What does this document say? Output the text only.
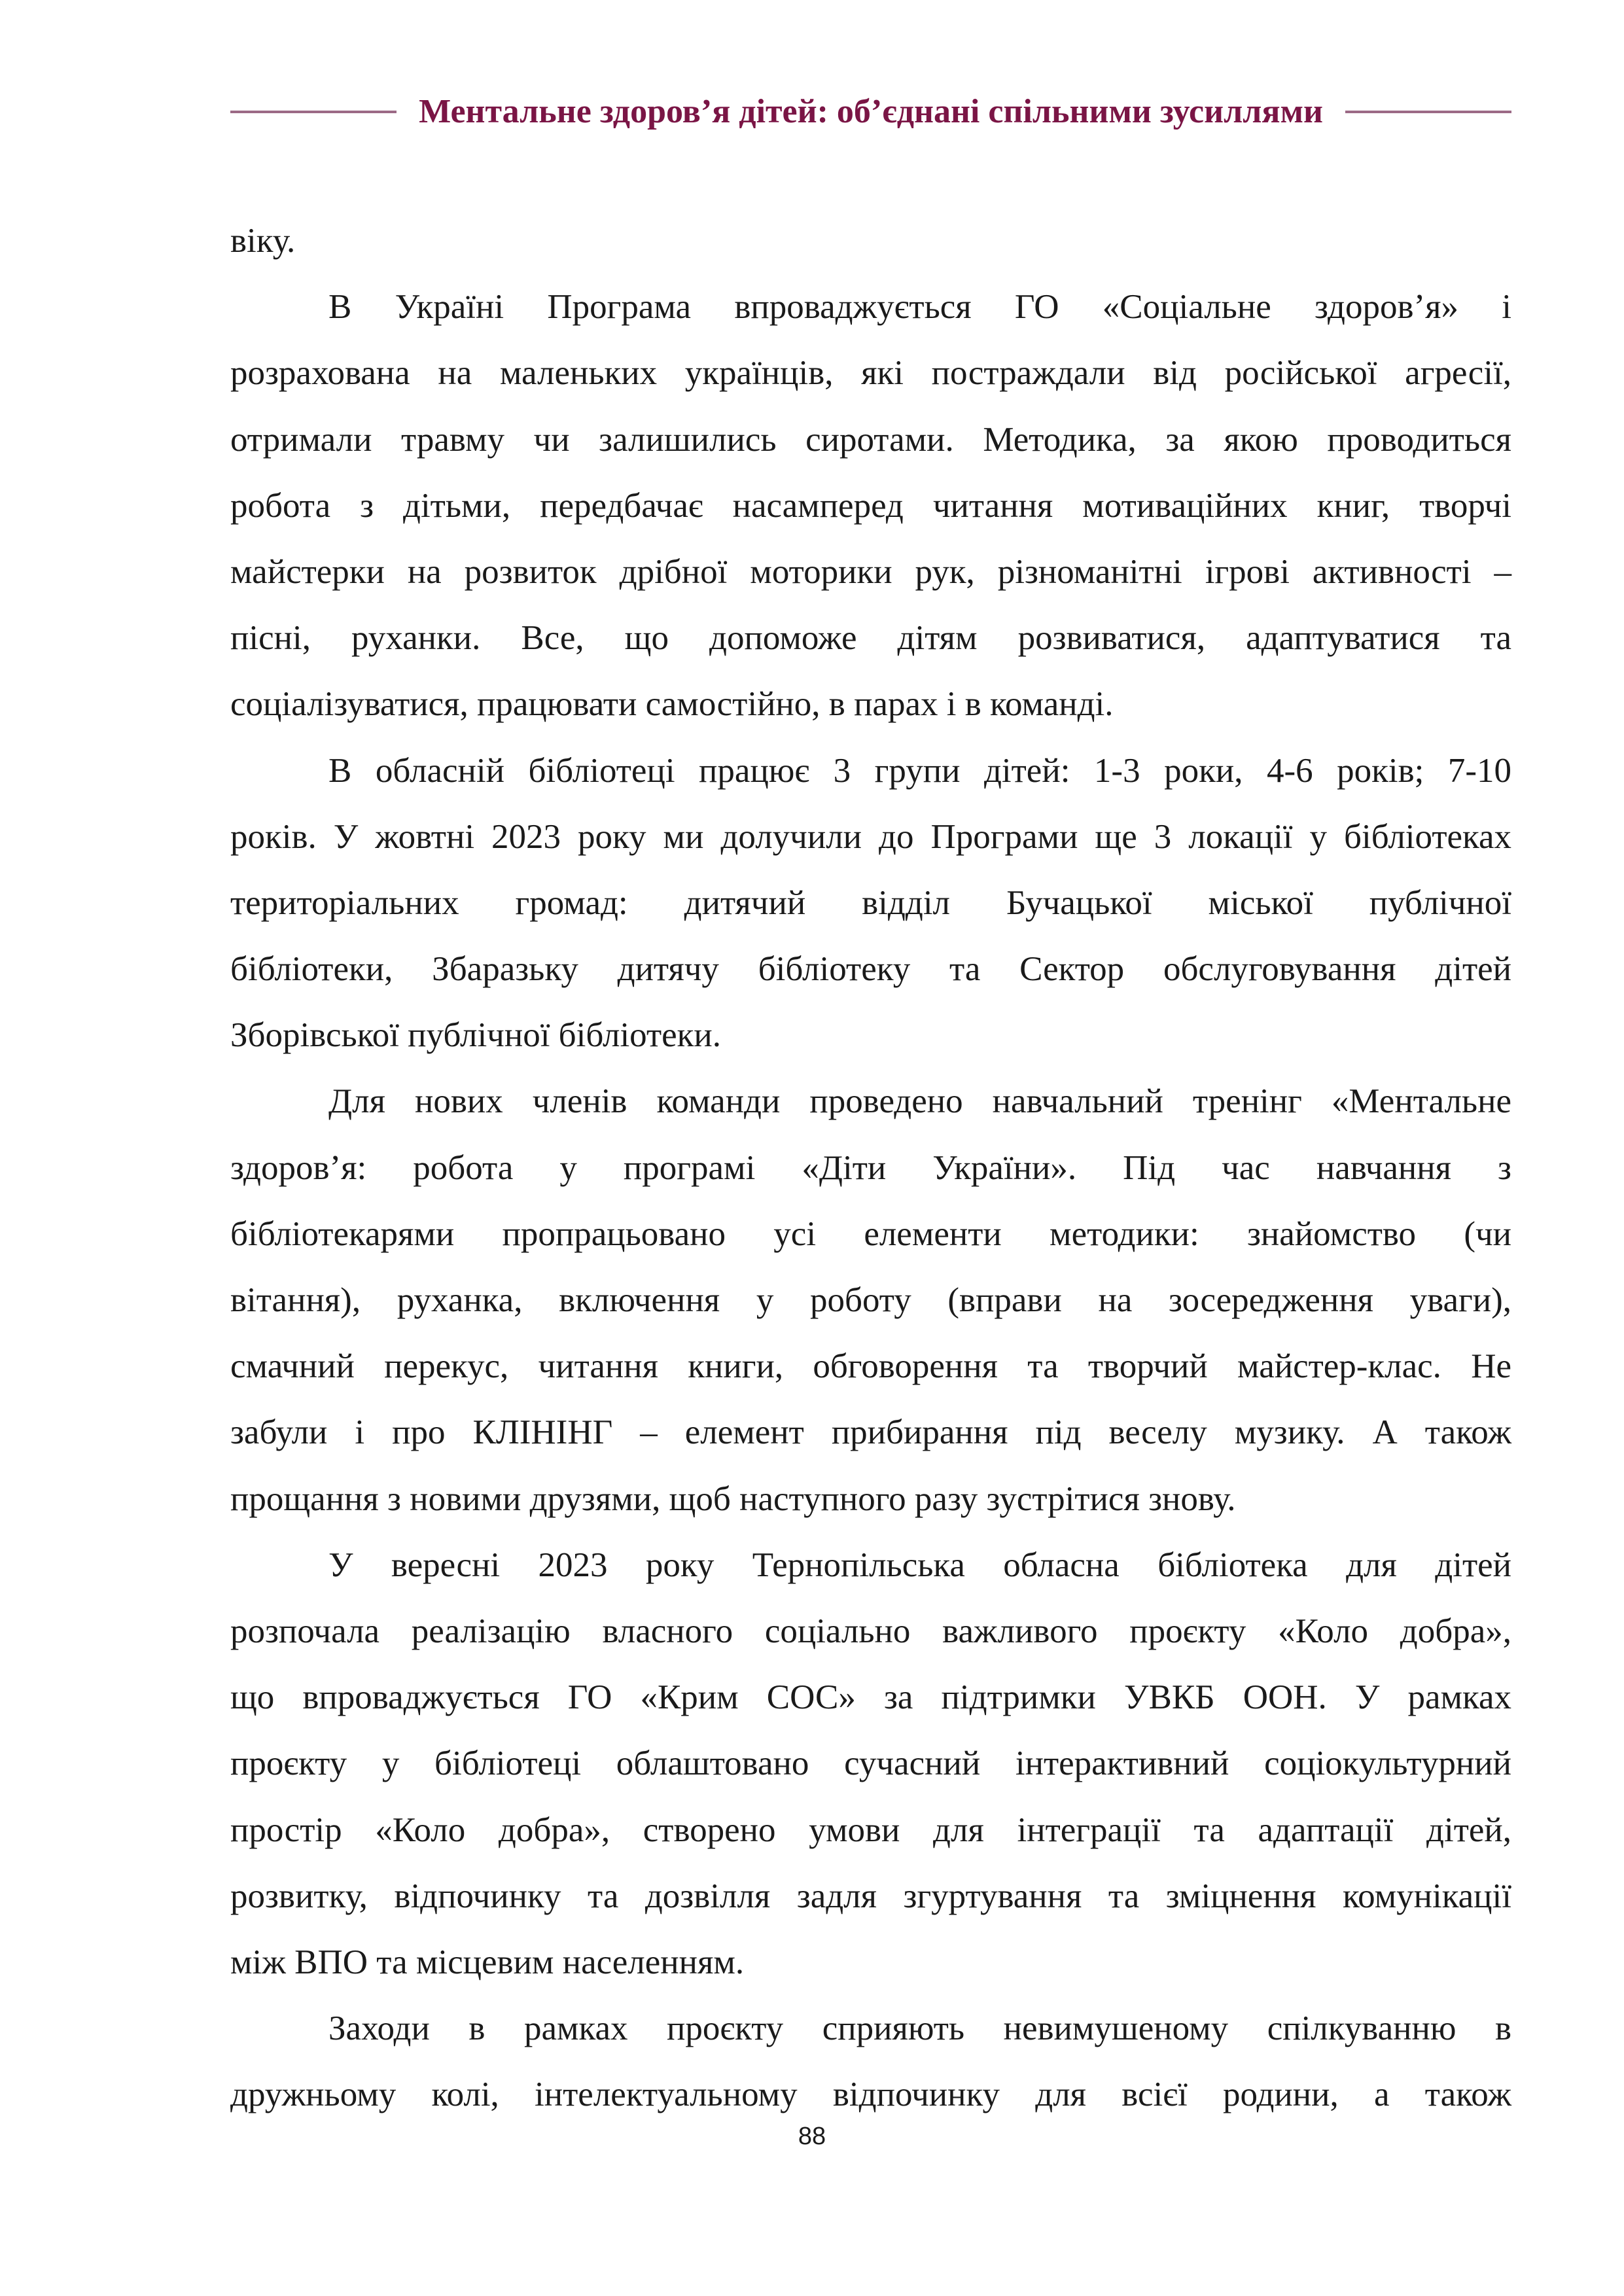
Ментальне здоров’я дітей: об’єднані спільними зусиллями
віку.
В Україні Програма впроваджується ГО «Соціальне здоров’я» і
розрахована на маленьких українців, які постраждали від російської агресії,
отримали травму чи залишились сиротами. Методика, за якою проводиться
робота з дітьми, передбачає насамперед читання мотиваційних книг, творчі
майстерки на розвиток дрібної моторики рук, різноманітні ігрові активності –
пісні, руханки. Все, що допоможе дітям розвиватися, адаптуватися та
соціалізуватися, працювати самостійно, в парах і в команді.
В обласній бібліотеці працює 3 групи дітей: 1-3 роки, 4-6 років; 7-10
років. У жовтні 2023 року ми долучили до Програми ще 3 локації у бібліотеках
територіальних громад: дитячий відділ Бучацької міської публічної
бібліотеки, Збаразьку дитячу бібліотеку та Сектор обслуговування дітей
Зборівської публічної бібліотеки.
Для нових членів команди проведено навчальний тренінг «Ментальне
здоров’я: робота у програмі «Діти України». Під час навчання з
бібліотекарями пропрацьовано усі елементи методики: знайомство (чи
вітання), руханка, включення у роботу (вправи на зосередження уваги),
смачний перекус, читання книги, обговорення та творчий майстер-клас. Не
забули і про КЛІНІНГ – елемент прибирання під веселу музику. А також
прощання з новими друзями, щоб наступного разу зустрітися знову.
У вересні 2023 року Тернопільська обласна бібліотека для дітей
розпочала реалізацію власного соціально важливого проєкту «Коло добра»,
що впроваджується ГО «Крим СОС» за підтримки УВКБ ООН. У рамках
проєкту у бібліотеці облаштовано сучасний інтерактивний соціокультурний
простір «Коло добра», створено умови для інтеграції та адаптації дітей,
розвитку, відпочинку та дозвілля задля згуртування та зміцнення комунікації
між ВПО та місцевим населенням.
Заходи в рамках проєкту сприяють невимушеному спілкуванню в
дружньому колі, інтелектуальному відпочинку для всієї родини, а також
88
